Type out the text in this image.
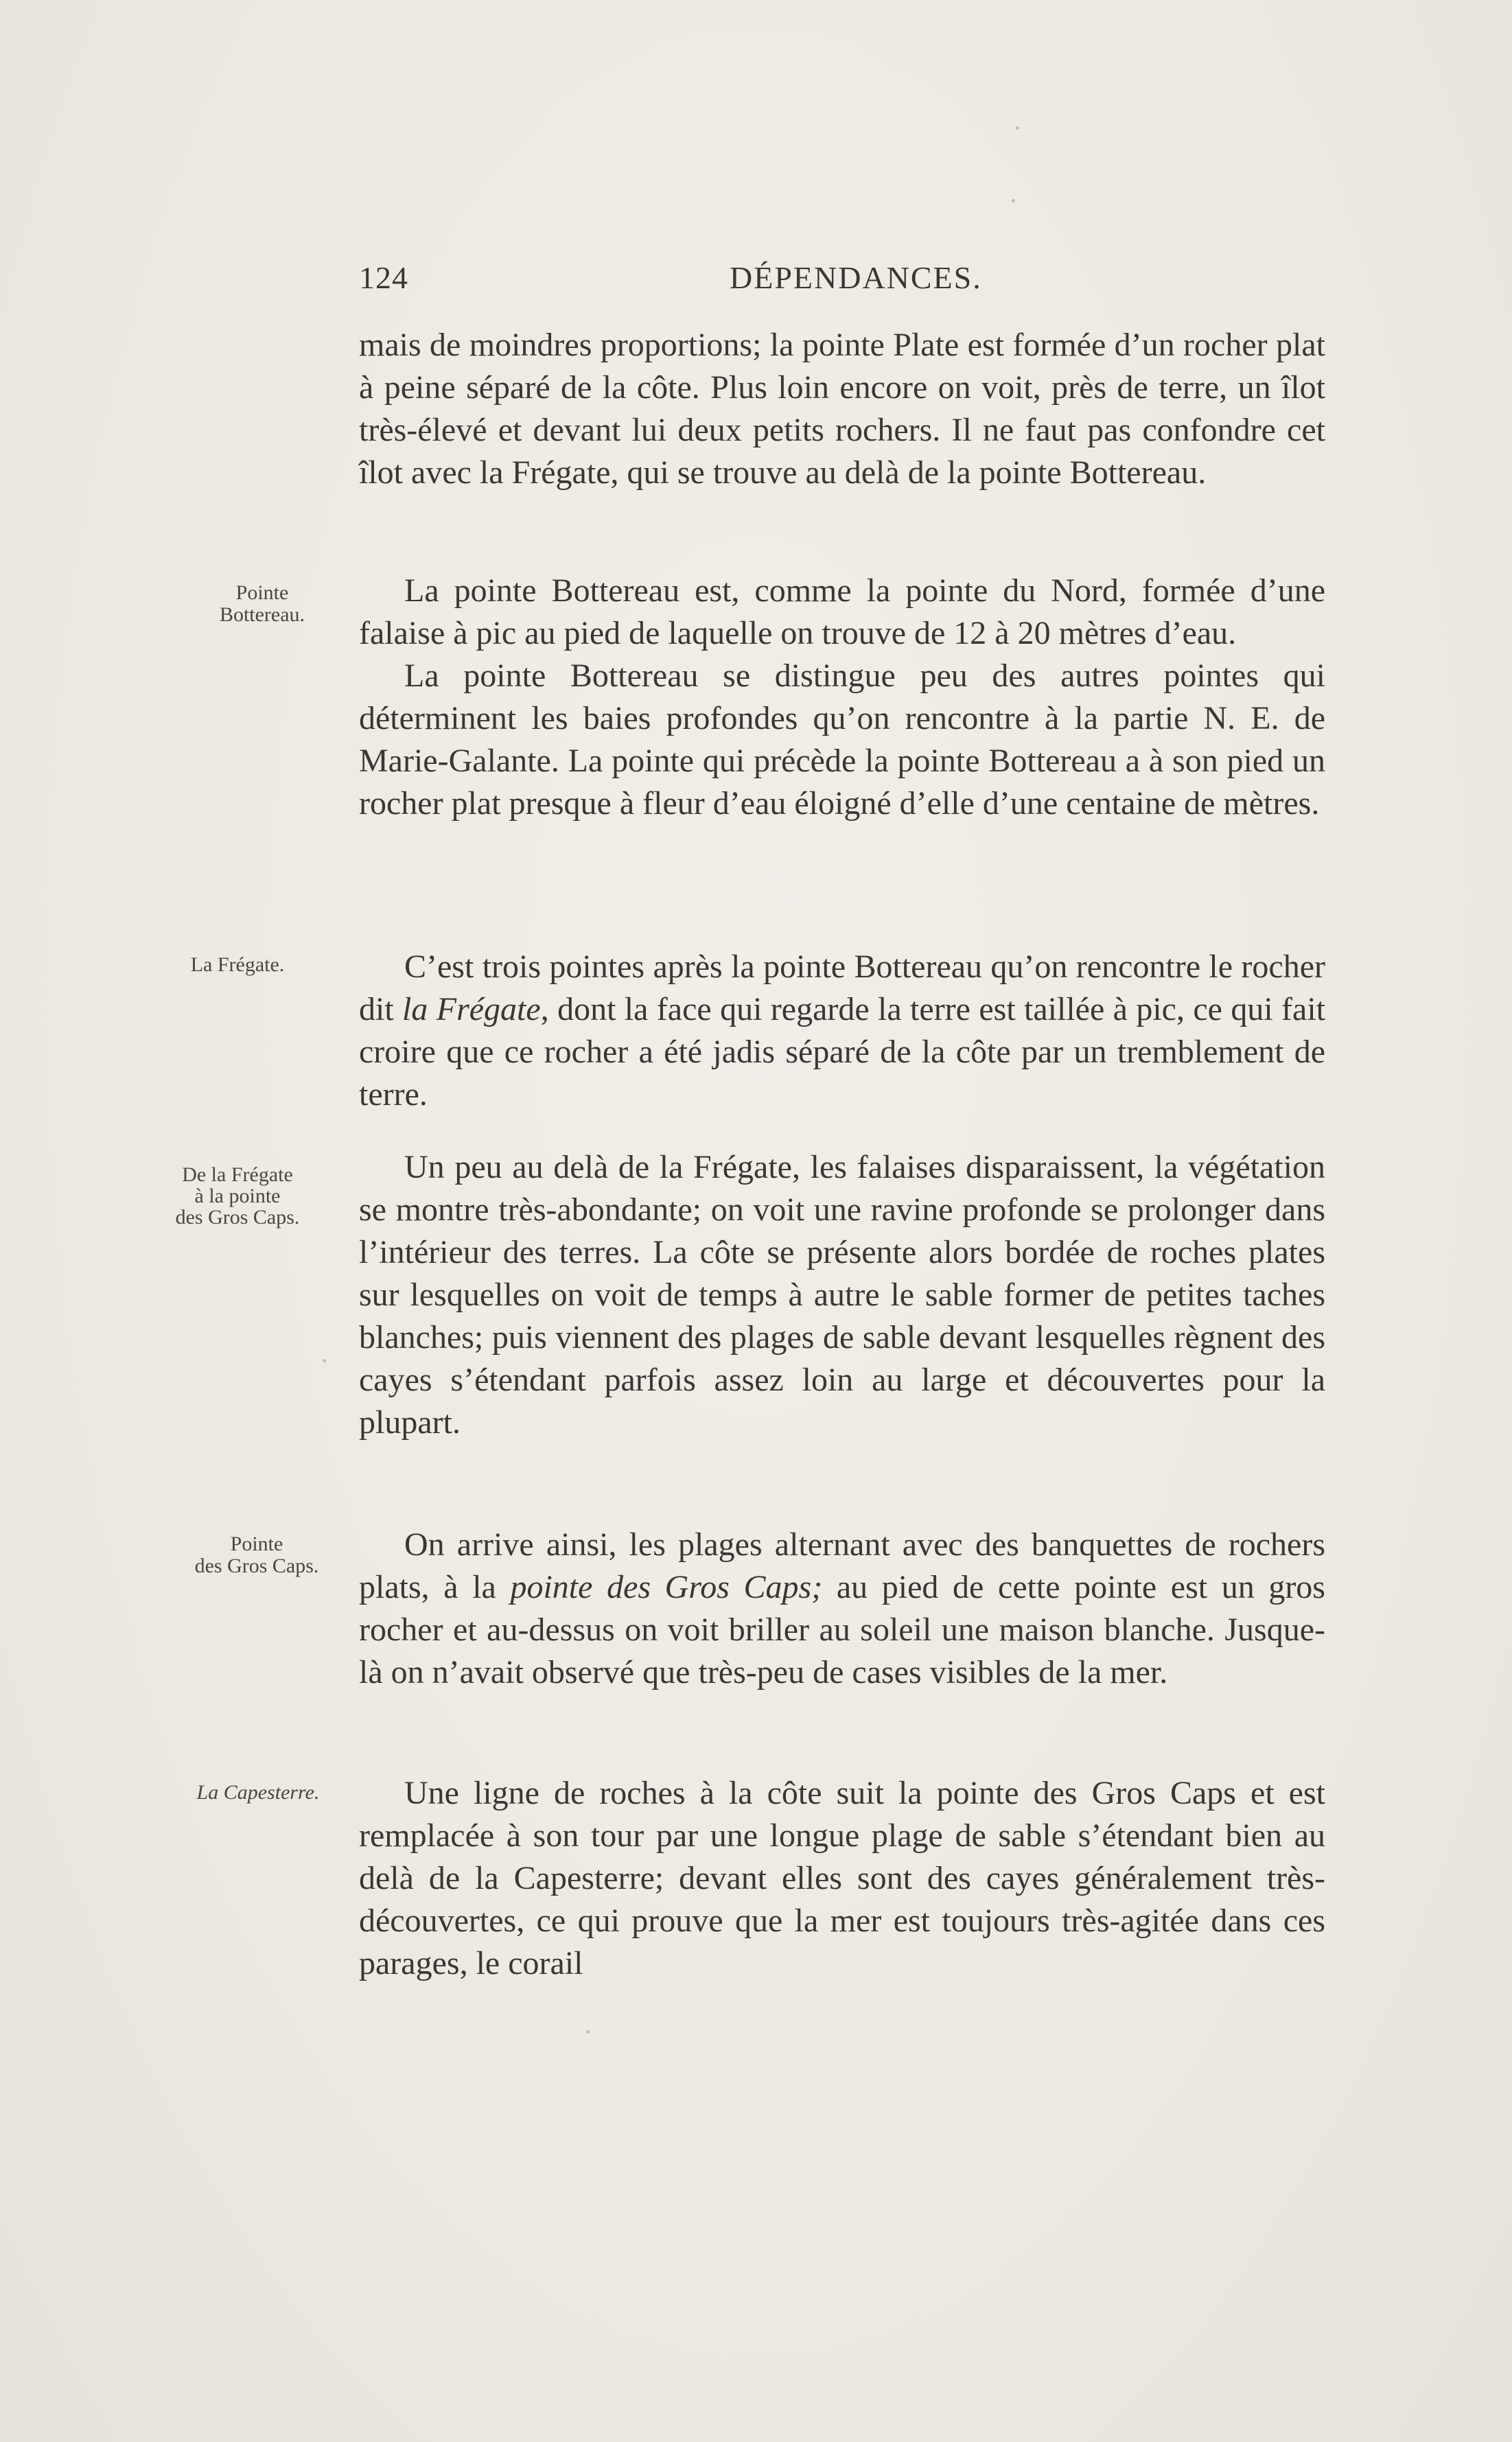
124	DÉPENDANCES.
Pointe
Bottereau.
La Frégate.
De la Frégate
à la pointe
des Gros Caps.
Pointe
des Gros Caps.
La Capesterre.

mais de moindres proportions; la pointe Plate est formée d’un rocher plat à peine séparé de la côte. Plus loin encore on voit, près de terre, un îlot très-élevé et devant lui deux petits rochers. Il ne faut pas confondre cet îlot avec la Frégate, qui se trouve au delà de la pointe Bottereau.

La pointe Bottereau est, comme la pointe du Nord, formée d’une falaise à pic au pied de laquelle on trouve de 12 à 20 mètres d’eau.

La pointe Bottereau se distingue peu des autres pointes qui déterminent les baies profondes qu’on rencontre à la partie N. E. de Marie-Galante. La pointe qui précède la pointe Bottereau a à son pied un rocher plat presque à fleur d’eau éloigné d’elle d’une centaine de mètres.

C’est trois pointes après la pointe Bottereau qu’on rencontre le rocher dit la Frégate, dont la face qui regarde la terre est taillée à pic, ce qui fait croire que ce rocher a été jadis séparé de la côte par un tremblement de terre.

Un peu au delà de la Frégate, les falaises disparaissent, la végétation se montre très-abondante; on voit une ravine profonde se prolonger dans l’intérieur des terres. La côte se présente alors bordée de roches plates sur lesquelles on voit de temps à autre le sable former de petites taches blanches; puis viennent des plages de sable devant lesquelles règnent des cayes s’étendant parfois assez loin au large et découvertes pour la plupart.

On arrive ainsi, les plages alternant avec des banquettes de rochers plats, à la pointe des Gros Caps; au pied de cette pointe est un gros rocher et au-dessus on voit briller au soleil une maison blanche. Jusque-là on n’avait observé que très-peu de cases visibles de la mer.

Une ligne de roches à la côte suit la pointe des Gros Caps et est remplacée à son tour par une longue plage de sable s’étendant bien au delà de la Capesterre; devant elles sont des cayes généralement très-découvertes, ce qui prouve que la mer est toujours très-agitée dans ces parages, le corail
